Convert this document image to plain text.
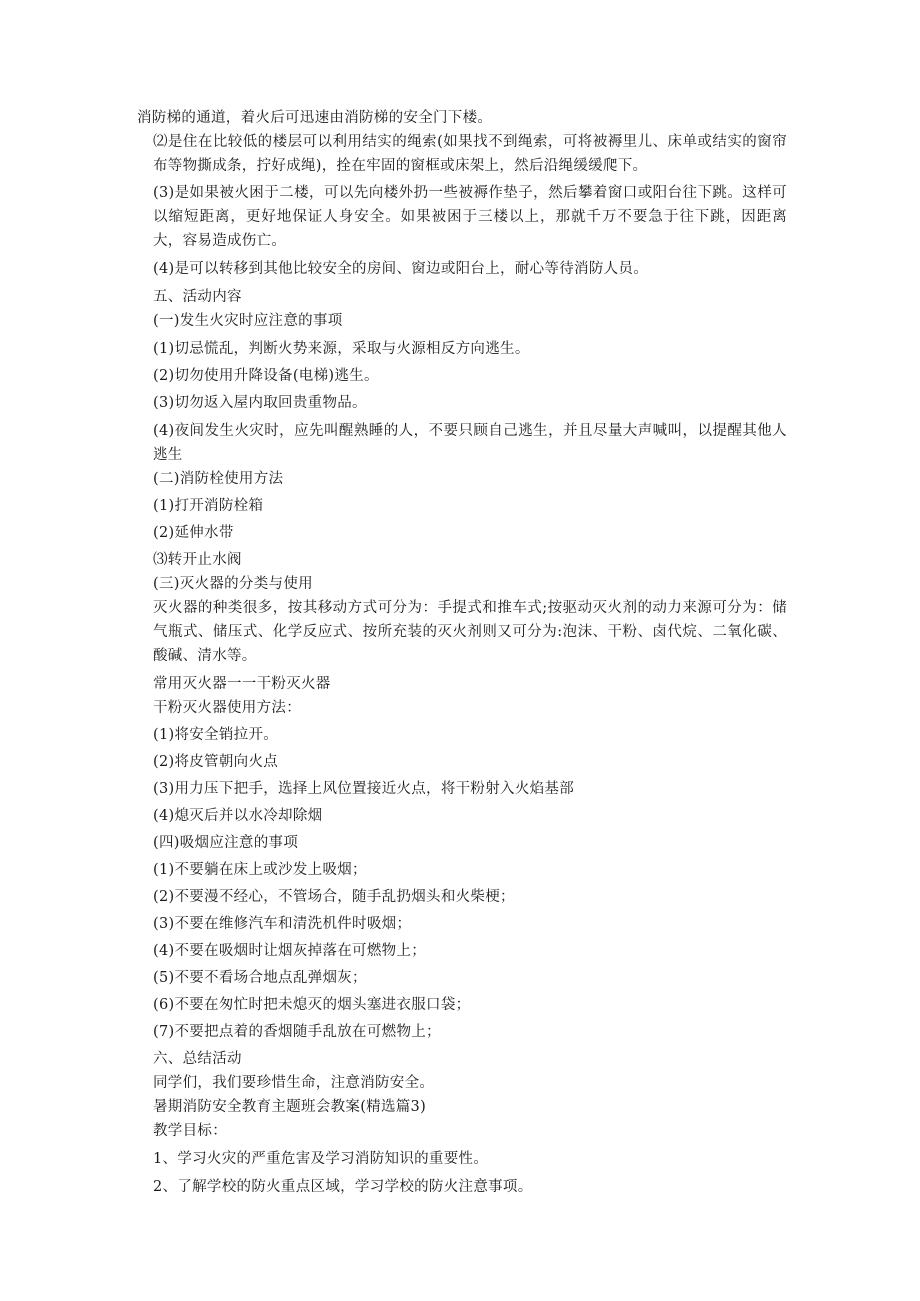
消防梯的通道，着火后可迅速由消防梯的安全门下楼。
⑵是住在比较低的楼层可以利用结实的绳索(如果找不到绳索，可将被褥里儿、床单或结实的窗帘布等物撕成条，拧好成绳)，拴在牢固的窗框或床架上，然后沿绳缓缓爬下。
(3)是如果被火困于二楼，可以先向楼外扔一些被褥作垫子，然后攀着窗口或阳台往下跳。这样可以缩短距离，更好地保证人身安全。如果被困于三楼以上，那就千万不要急于往下跳，因距离大，容易造成伤亡。
(4)是可以转移到其他比较安全的房间、窗边或阳台上，耐心等待消防人员。
五、活动内容
(一)发生火灾时应注意的事项
(1)切忌慌乱，判断火势来源，采取与火源相反方向逃生。
(2)切勿使用升降设备(电梯)逃生。
(3)切勿返入屋内取回贵重物品。
(4)夜间发生火灾时，应先叫醒熟睡的人，不要只顾自己逃生，并且尽量大声喊叫，以提醒其他人逃生
(二)消防栓使用方法
(1)打开消防栓箱
(2)延伸水带
⑶转开止水阀
(三)灭火器的分类与使用
灭火器的种类很多，按其移动方式可分为：手提式和推车式;按驱动灭火剂的动力来源可分为：储气瓶式、储压式、化学反应式、按所充装的灭火剂则又可分为:泡沫、干粉、卤代烷、二氧化碳、酸碱、清水等。
常用灭火器一一干粉灭火器
干粉灭火器使用方法：
(1)将安全销拉开。
(2)将皮管朝向火点
(3)用力压下把手，选择上风位置接近火点，将干粉射入火焰基部
(4)熄灭后并以水冷却除烟
(四)吸烟应注意的事项
(1)不要躺在床上或沙发上吸烟；
(2)不要漫不经心，不管场合，随手乱扔烟头和火柴梗；
(3)不要在维修汽车和清洗机件时吸烟；
(4)不要在吸烟时让烟灰掉落在可燃物上；
(5)不要不看场合地点乱弹烟灰；
(6)不要在匆忙时把未熄灭的烟头塞进衣服口袋；
(7)不要把点着的香烟随手乱放在可燃物上；
六、总结活动
同学们，我们要珍惜生命，注意消防安全。
暑期消防安全教育主题班会教案(精选篇3)
教学目标：
1、学习火灾的严重危害及学习消防知识的重要性。
2、了解学校的防火重点区域，学习学校的防火注意事项。
